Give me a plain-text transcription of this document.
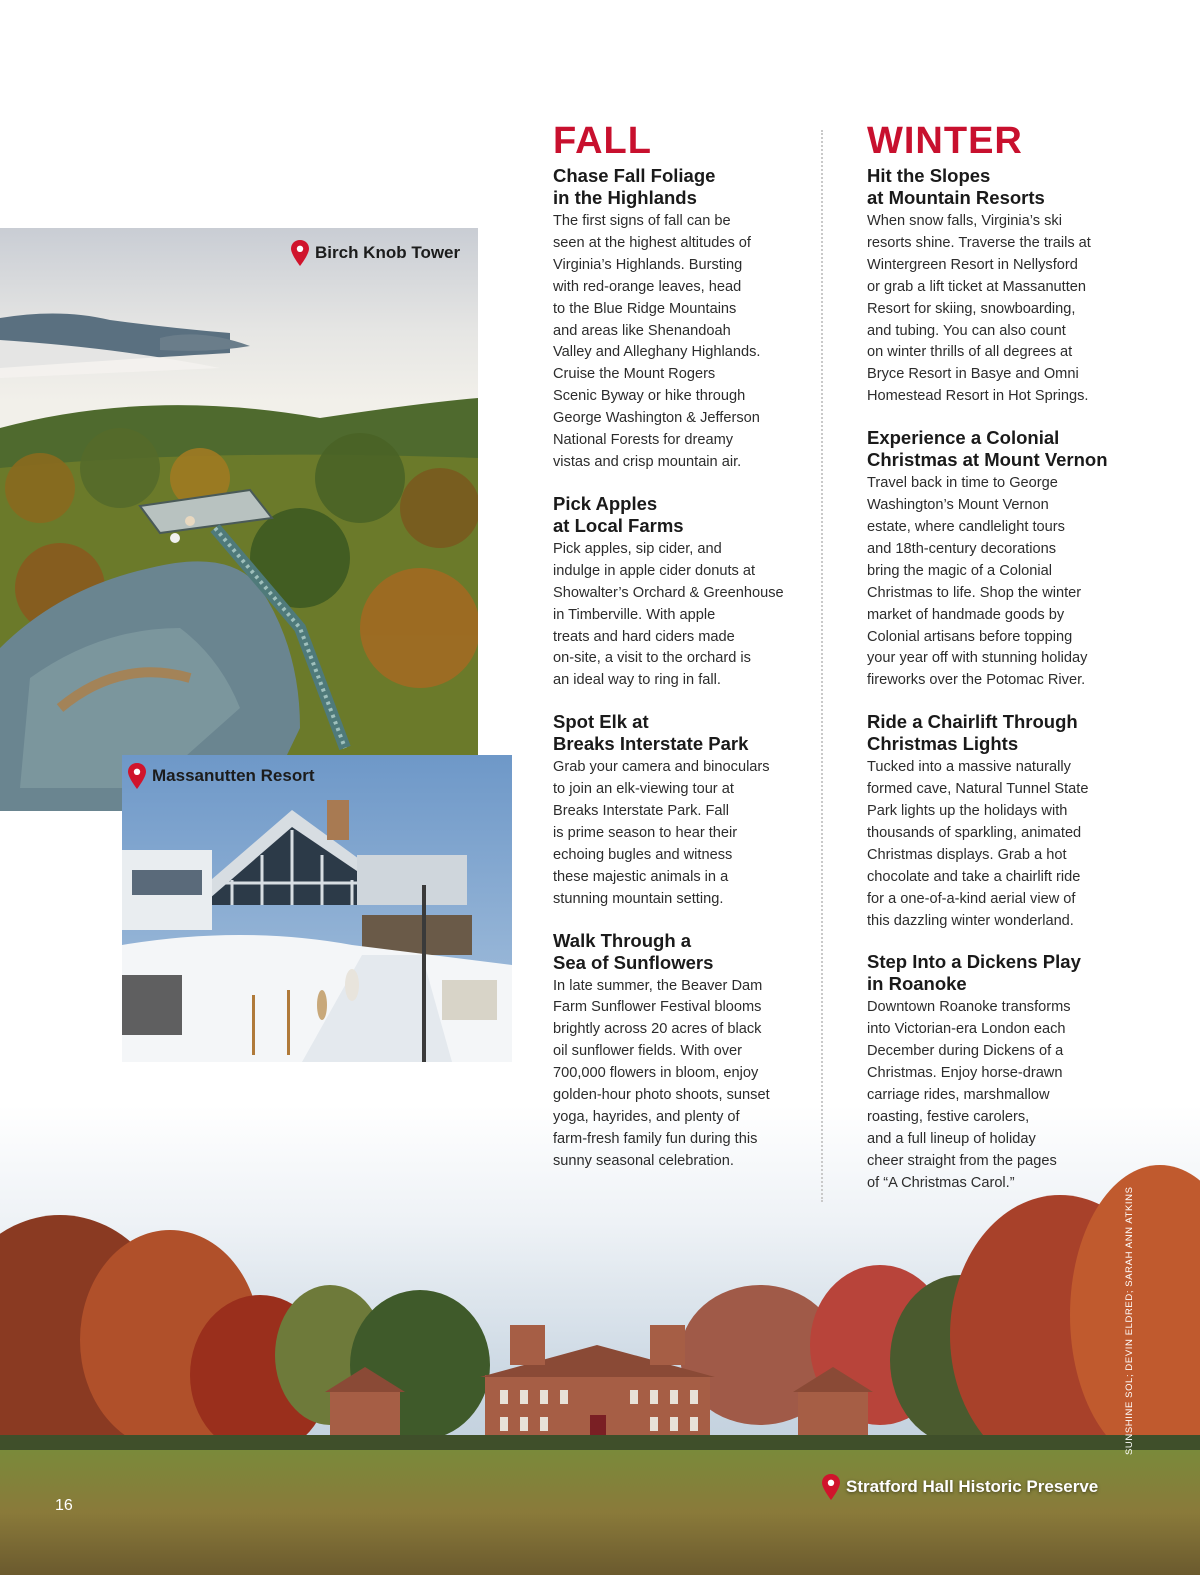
Birch Knob Tower
Massanutten Resort
Stratford Hall Historic Preserve
FALL
Chase Fall Foliage
in the Highlands

The first signs of fall can be
seen at the highest altitudes of
Virginia’s Highlands. Bursting
with red-orange leaves, head
to the Blue Ridge Mountains
and areas like Shenandoah
Valley and Alleghany Highlands.
Cruise the Mount Rogers
Scenic Byway or hike through
George Washington & Jefferson
National Forests for dreamy
vistas and crisp mountain air.

Pick Apples
at Local Farms

Pick apples, sip cider, and
indulge in apple cider donuts at
Showalter’s Orchard & Greenhouse
in Timberville. With apple
treats and hard ciders made
on-site, a visit to the orchard is
an ideal way to ring in fall.

Spot Elk at
Breaks Interstate Park

Grab your camera and binoculars
to join an elk-viewing tour at
Breaks Interstate Park. Fall
is prime season to hear their
echoing bugles and witness
these majestic animals in a
stunning mountain setting.

Walk Through a
Sea of Sunflowers

In late summer, the Beaver Dam
Farm Sunflower Festival blooms
brightly across 20 acres of black
oil sunflower fields. With over
700,000 flowers in bloom, enjoy
golden-hour photo shoots, sunset
yoga, hayrides, and plenty of
farm-fresh family fun during this
sunny seasonal celebration.

WINTER
Hit the Slopes
at Mountain Resorts

When snow falls, Virginia’s ski
resorts shine. Traverse the trails at
Wintergreen Resort in Nellysford
or grab a lift ticket at Massanutten
Resort for skiing, snowboarding,
and tubing. You can also count
on winter thrills of all degrees at
Bryce Resort in Basye and Omni
Homestead Resort in Hot Springs.

Experience a Colonial
Christmas at Mount Vernon

Travel back in time to George
Washington’s Mount Vernon
estate, where candlelight tours
and 18th-century decorations
bring the magic of a Colonial
Christmas to life. Shop the winter
market of handmade goods by
Colonial artisans before topping
your year off with stunning holiday
fireworks over the Potomac River.

Ride a Chairlift Through
Christmas Lights

Tucked into a massive naturally
formed cave, Natural Tunnel State
Park lights up the holidays with
thousands of sparkling, animated
Christmas displays. Grab a hot
chocolate and take a chairlift ride
for a one-of-a-kind aerial view of
this dazzling winter wonderland.

Step Into a Dickens Play
in Roanoke

Downtown Roanoke transforms
into Victorian-era London each
December during Dickens of a
Christmas. Enjoy horse-drawn
carriage rides, marshmallow
roasting, festive carolers,
and a full lineup of holiday
cheer straight from the pages
of “A Christmas Carol.”

16
SUNSHINE SOL; DEVIN ELDRED; SARAH ANN ATKINS
